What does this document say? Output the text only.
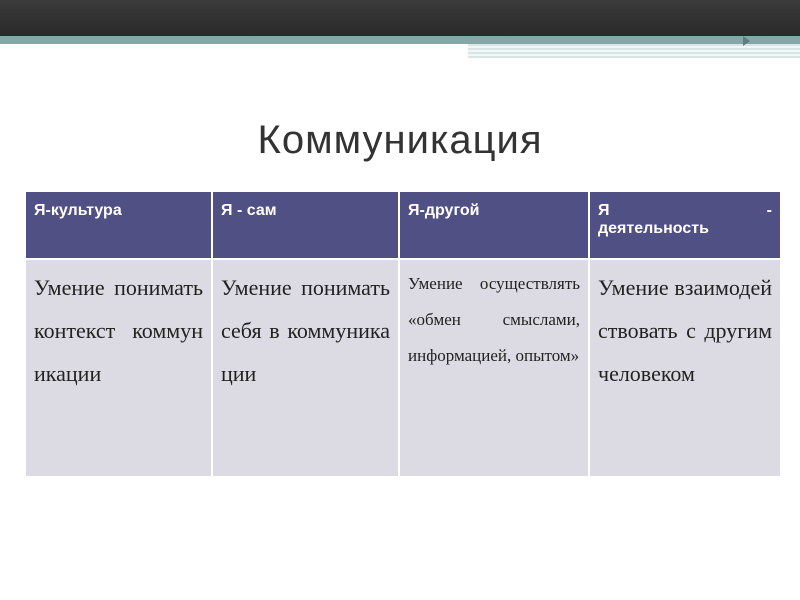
Коммуникация
Я-культура	Я - сам	Я-другой	Я -
деятельность

Умение понимать контекст коммуникации	Умение понимать себя в коммуникации	Умение осуществлять «обмен смыслами, информацией, опытом»	Умение взаимодействовать с другим человеком
